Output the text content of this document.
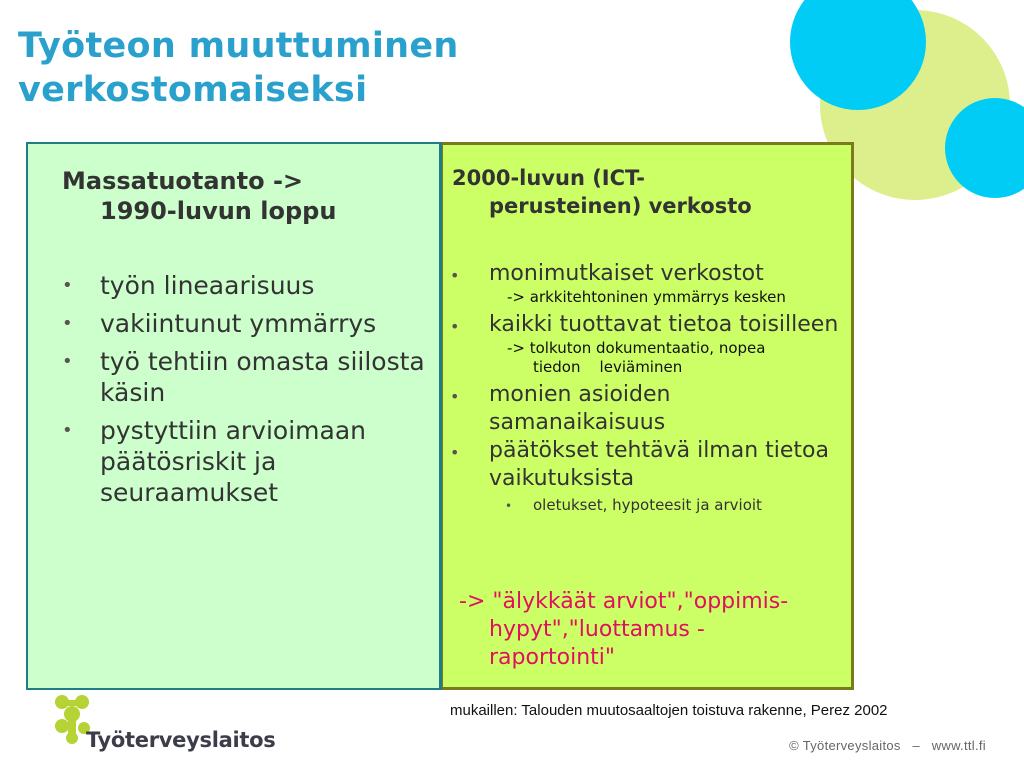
Työteon muuttuminen
verkostomaiseksi
Massatuotanto ->
1990-luvun loppu
• työn lineaarisuus
• vakiintunut ymmärrys
• työ tehtiin omasta siilosta käsin
• pystyttiin arvioimaan päätösriskit ja seuraamukset
2000-luvun (ICT-
perusteinen) verkosto
• monimutkaiset verkostot
-> arkkitehtoninen ymmärrys kesken
• kaikki tuottavat tietoa toisilleen
-> tolkuton dokumentaatio, nopea
tiedon    leviäminen
• monien asioiden samanaikaisuus
• päätökset tehtävä ilman tietoa vaikutuksista
• oletukset, hypoteesit ja arvioit
-> "älykkäät arviot","oppimis-
hypyt","luottamus -
raportointi"
mukaillen: Talouden muutosaaltojen toistuva rakenne, Perez 2002
Työterveyslaitos	© Työterveyslaitos   –   www.ttl.fi
